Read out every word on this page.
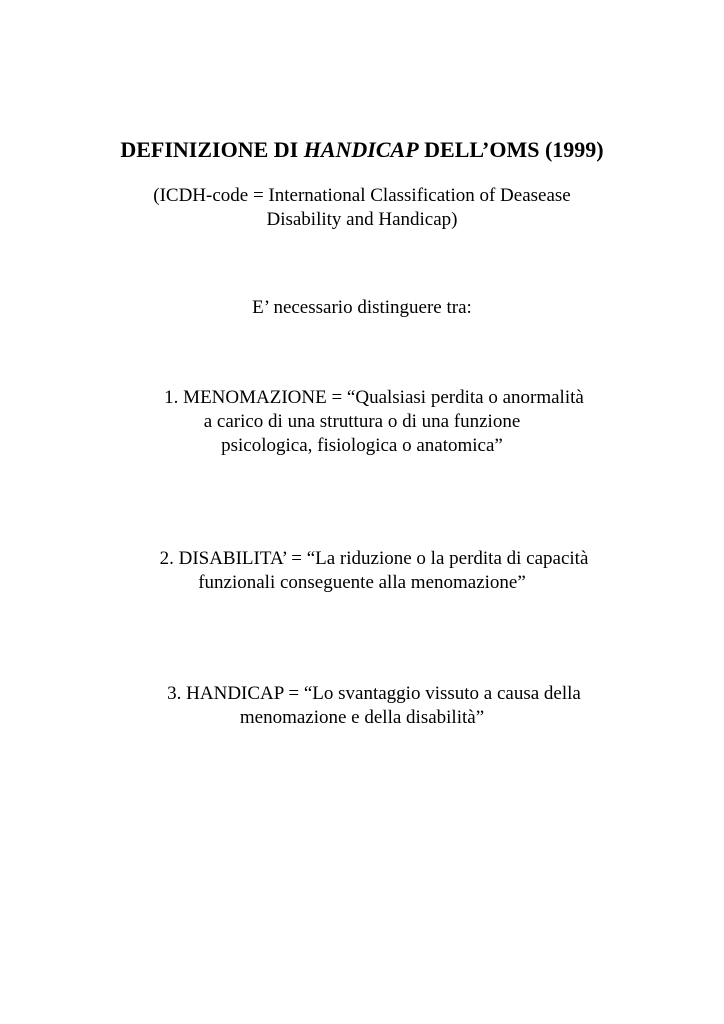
DEFINIZIONE DI HANDICAP DELL’OMS (1999)
(ICDH-code = International Classification of Deasease
Disability and Handicap)
E’ necessario distinguere tra:
1. MENOMAZIONE = “Qualsiasi perdita o anormalità
a carico di una struttura o di una funzione
psicologica, fisiologica o anatomica”
2. DISABILITA’ = “La riduzione o la perdita di capacità
funzionali conseguente alla menomazione”
3. HANDICAP = “Lo svantaggio vissuto a causa della
menomazione e della disabilità”
